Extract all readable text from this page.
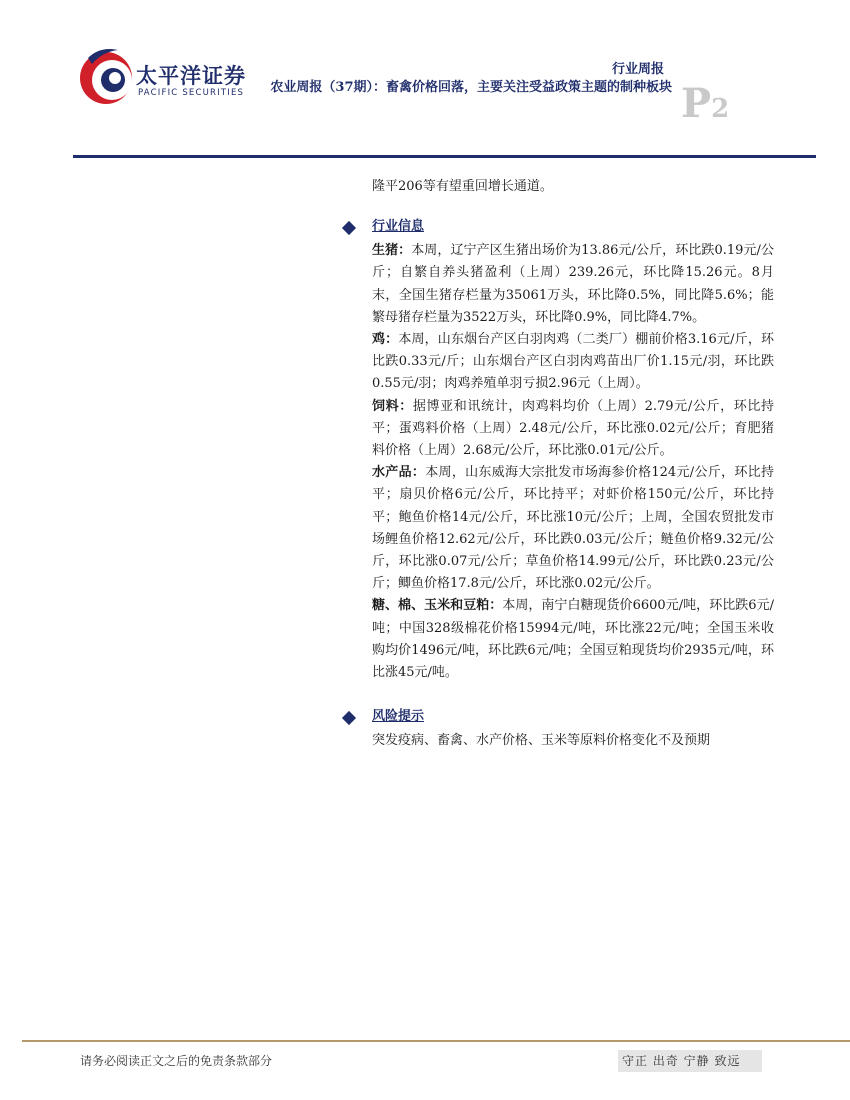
太平洋证券
PACIFIC SECURITIES
行业周报
农业周报（37期）：畜禽价格回落，主要关注受益政策主题的制种板块 P2

隆平206等有望重回增长通道。

行业信息

生猪：本周，辽宁产区生猪出场价为13.86元/公斤，环比跌0.19元/公斤；自繁自养头猪盈利（上周）239.26元，环比降15.26元。8月末，全国生猪存栏量为35061万头，环比降0.5%，同比降5.6%；能繁母猪存栏量为3522万头，环比降0.9%，同比降4.7%。

鸡：本周，山东烟台产区白羽肉鸡（二类厂）棚前价格3.16元/斤，环比跌0.33元/斤；山东烟台产区白羽肉鸡苗出厂价1.15元/羽，环比跌0.55元/羽；肉鸡养殖单羽亏损2.96元（上周）。

饲料：据博亚和讯统计，肉鸡料均价（上周）2.79元/公斤，环比持平；蛋鸡料价格（上周）2.48元/公斤，环比涨0.02元/公斤；育肥猪料价格（上周）2.68元/公斤，环比涨0.01元/公斤。

水产品：本周，山东威海大宗批发市场海参价格124元/公斤，环比持平；扇贝价格6元/公斤，环比持平；对虾价格150元/公斤，环比持平；鲍鱼价格14元/公斤，环比涨10元/公斤；上周，全国农贸批发市场鲤鱼价格12.62元/公斤，环比跌0.03元/公斤；鲢鱼价格9.32元/公斤，环比涨0.07元/公斤；草鱼价格14.99元/公斤，环比跌0.23元/公斤；鲫鱼价格17.8元/公斤，环比涨0.02元/公斤。

糖、棉、玉米和豆粕：本周，南宁白糖现货价6600元/吨，环比跌6元/吨；中国328级棉花价格15994元/吨，环比涨22元/吨；全国玉米收购均价1496元/吨，环比跌6元/吨；全国豆粕现货均价2935元/吨，环比涨45元/吨。

风险提示

突发疫病、畜禽、水产价格、玉米等原料价格变化不及预期

请务必阅读正文之后的免责条款部分	守正 出奇 宁静 致远
